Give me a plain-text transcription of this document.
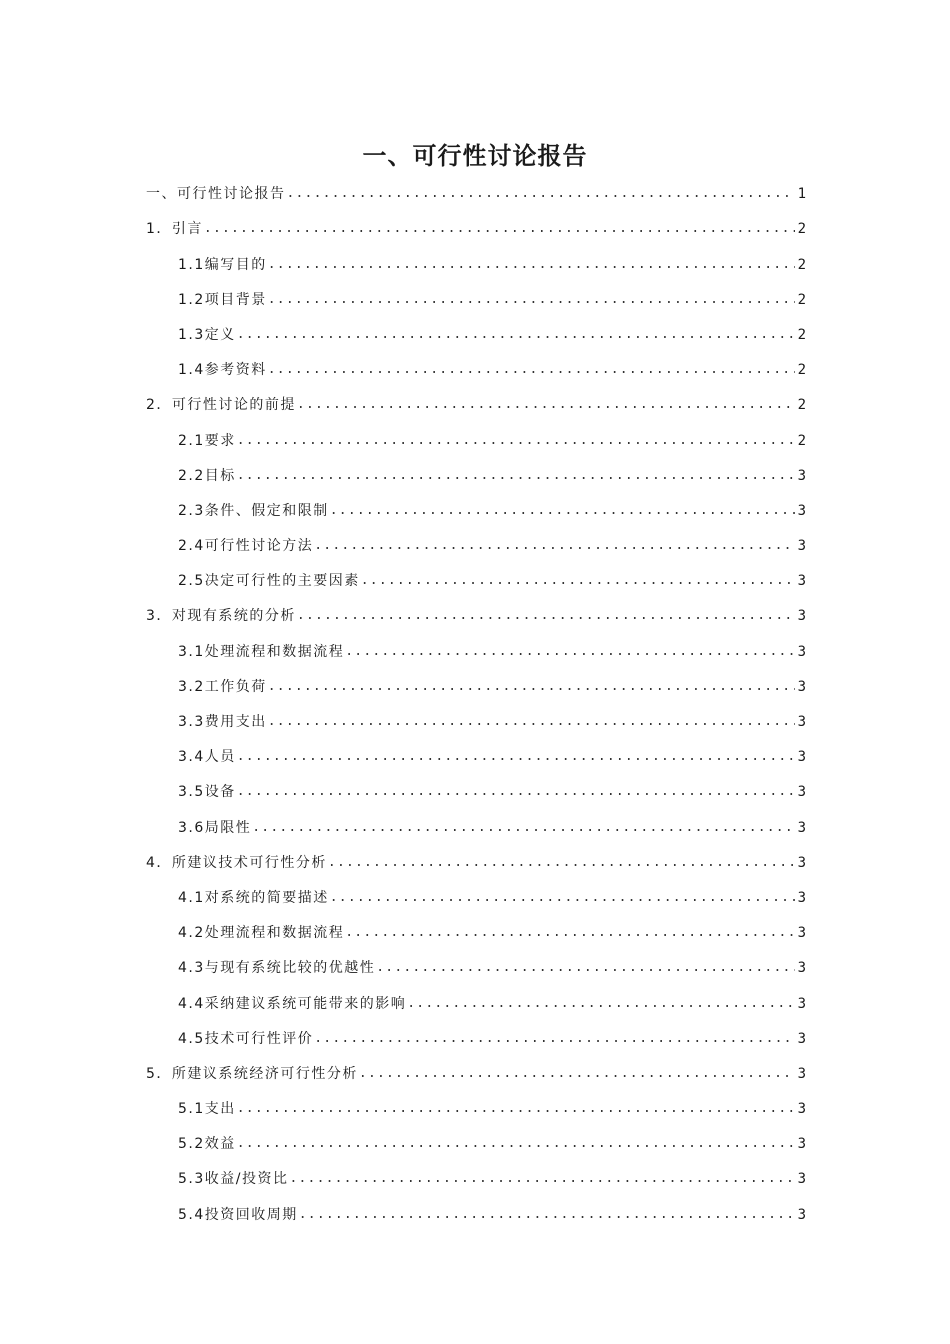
一、可行性讨论报告
一、可行性讨论报告 .....	1
1．引言 .....	2
1.1编写目的 .....	2
1.2项目背景 .....	2
1.3定义 .....	2
1.4参考资料 .....	2
2．可行性讨论的前提 .....	2
2.1要求 .....	2
2.2目标 .....	3
2.3条件、假定和限制 .....	3
2.4可行性讨论方法 .....	3
2.5决定可行性的主要因素 .....	3
3．对现有系统的分析 .....	3
3.1处理流程和数据流程 .....	3
3.2工作负荷 .....	3
3.3费用支出 .....	3
3.4人员 .....	3
3.5设备 .....	3
3.6局限性 .....	3
4．所建议技术可行性分析 .....	3
4.1对系统的简要描述 .....	3
4.2处理流程和数据流程 .....	3
4.3与现有系统比较的优越性 .....	3
4.4采纳建议系统可能带来的影响 .....	3
4.5技术可行性评价 .....	3
5．所建议系统经济可行性分析 .....	3
5.1支出 .....	3
5.2效益 .....	3
5.3收益/投资比 .....	3
5.4投资回收周期 .....	3
